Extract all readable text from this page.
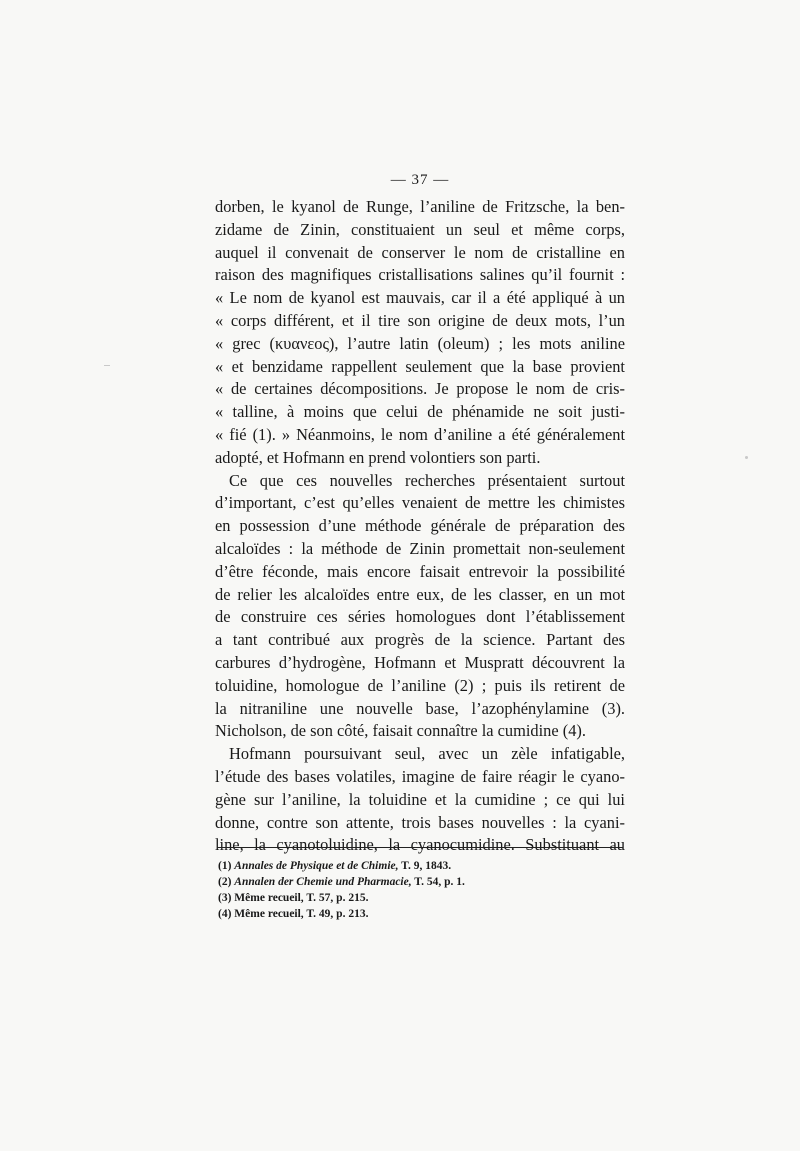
— 37 —
dorben, le kyanol de Runge, l’aniline de Fritzsche, la ben-
zidame de Zinin, constituaient un seul et même corps,
auquel il convenait de conserver le nom de cristalline en
raison des magnifiques cristallisations salines qu’il fournit :
« Le nom de kyanol est mauvais, car il a été appliqué à un
« corps différent, et il tire son origine de deux mots, l’un
« grec (κυανεος), l’autre latin (oleum) ; les mots aniline
« et benzidame rappellent seulement que la base provient
« de certaines décompositions. Je propose le nom de cris-
« talline, à moins que celui de phénamide ne soit justi-
« fié (1). » Néanmoins, le nom d’aniline a été généralement
adopté, et Hofmann en prend volontiers son parti.
Ce que ces nouvelles recherches présentaient surtout
d’important, c’est qu’elles venaient de mettre les chimistes
en possession d’une méthode générale de préparation des
alcaloïdes : la méthode de Zinin promettait non-seulement
d’être féconde, mais encore faisait entrevoir la possibilité
de relier les alcaloïdes entre eux, de les classer, en un mot
de construire ces séries homologues dont l’établissement
a tant contribué aux progrès de la science. Partant des
carbures d’hydrogène, Hofmann et Muspratt découvrent la
toluidine, homologue de l’aniline (2) ; puis ils retirent de
la nitraniline une nouvelle base, l’azophénylamine (3).
Nicholson, de son côté, faisait connaître la cumidine (4).
Hofmann poursuivant seul, avec un zèle infatigable,
l’étude des bases volatiles, imagine de faire réagir le cyano-
gène sur l’aniline, la toluidine et la cumidine ; ce qui lui
donne, contre son attente, trois bases nouvelles : la cyani-
line, la cyanotoluidine, la cyanocumidine. Substituant au
(1) Annales de Physique et de Chimie, T. 9, 1843.
(2) Annalen der Chemie und Pharmacie, T. 54, p. 1.
(3) Même recueil, T. 57, p. 215.
(4) Même recueil, T. 49, p. 213.
